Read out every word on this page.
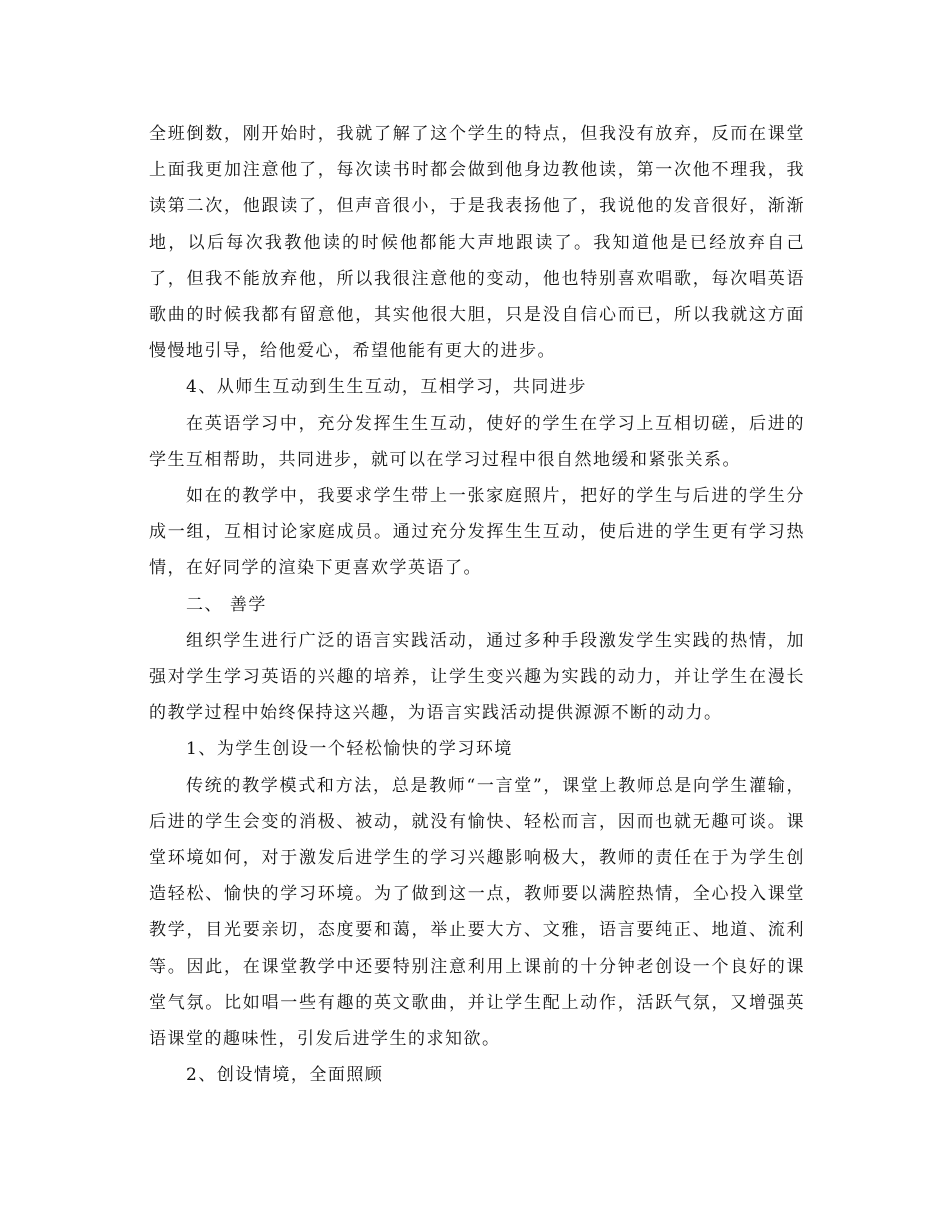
全班倒数，刚开始时，我就了解了这个学生的特点，但我没有放弃，反而在课堂上面我更加注意他了，每次读书时都会做到他身边教他读，第一次他不理我，我读第二次，他跟读了，但声音很小，于是我表扬他了，我说他的发音很好，渐渐地，以后每次我教他读的时候他都能大声地跟读了。我知道他是已经放弃自己了，但我不能放弃他，所以我很注意他的变动，他也特别喜欢唱歌，每次唱英语歌曲的时候我都有留意他，其实他很大胆，只是没自信心而已，所以我就这方面慢慢地引导，给他爱心，希望他能有更大的进步。

4、从师生互动到生生互动，互相学习，共同进步

在英语学习中，充分发挥生生互动，使好的学生在学习上互相切磋，后进的学生互相帮助，共同进步，就可以在学习过程中很自然地缓和紧张关系。

如在的教学中，我要求学生带上一张家庭照片，把好的学生与后进的学生分成一组，互相讨论家庭成员。通过充分发挥生生互动，使后进的学生更有学习热情，在好同学的渲染下更喜欢学英语了。

二、 善学

组织学生进行广泛的语言实践活动，通过多种手段激发学生实践的热情，加强对学生学习英语的兴趣的培养，让学生变兴趣为实践的动力，并让学生在漫长的教学过程中始终保持这兴趣，为语言实践活动提供源源不断的动力。

1、为学生创设一个轻松愉快的学习环境

传统的教学模式和方法，总是教师“一言堂”，课堂上教师总是向学生灌输，后进的学生会变的消极、被动，就没有愉快、轻松而言，因而也就无趣可谈。课堂环境如何，对于激发后进学生的学习兴趣影响极大，教师的责任在于为学生创造轻松、愉快的学习环境。为了做到这一点，教师要以满腔热情，全心投入课堂教学，目光要亲切，态度要和蔼，举止要大方、文雅，语言要纯正、地道、流利等。因此，在课堂教学中还要特别注意利用上课前的十分钟老创设一个良好的课堂气氛。比如唱一些有趣的英文歌曲，并让学生配上动作，活跃气氛，又增强英语课堂的趣味性，引发后进学生的求知欲。

2、创设情境，全面照顾
